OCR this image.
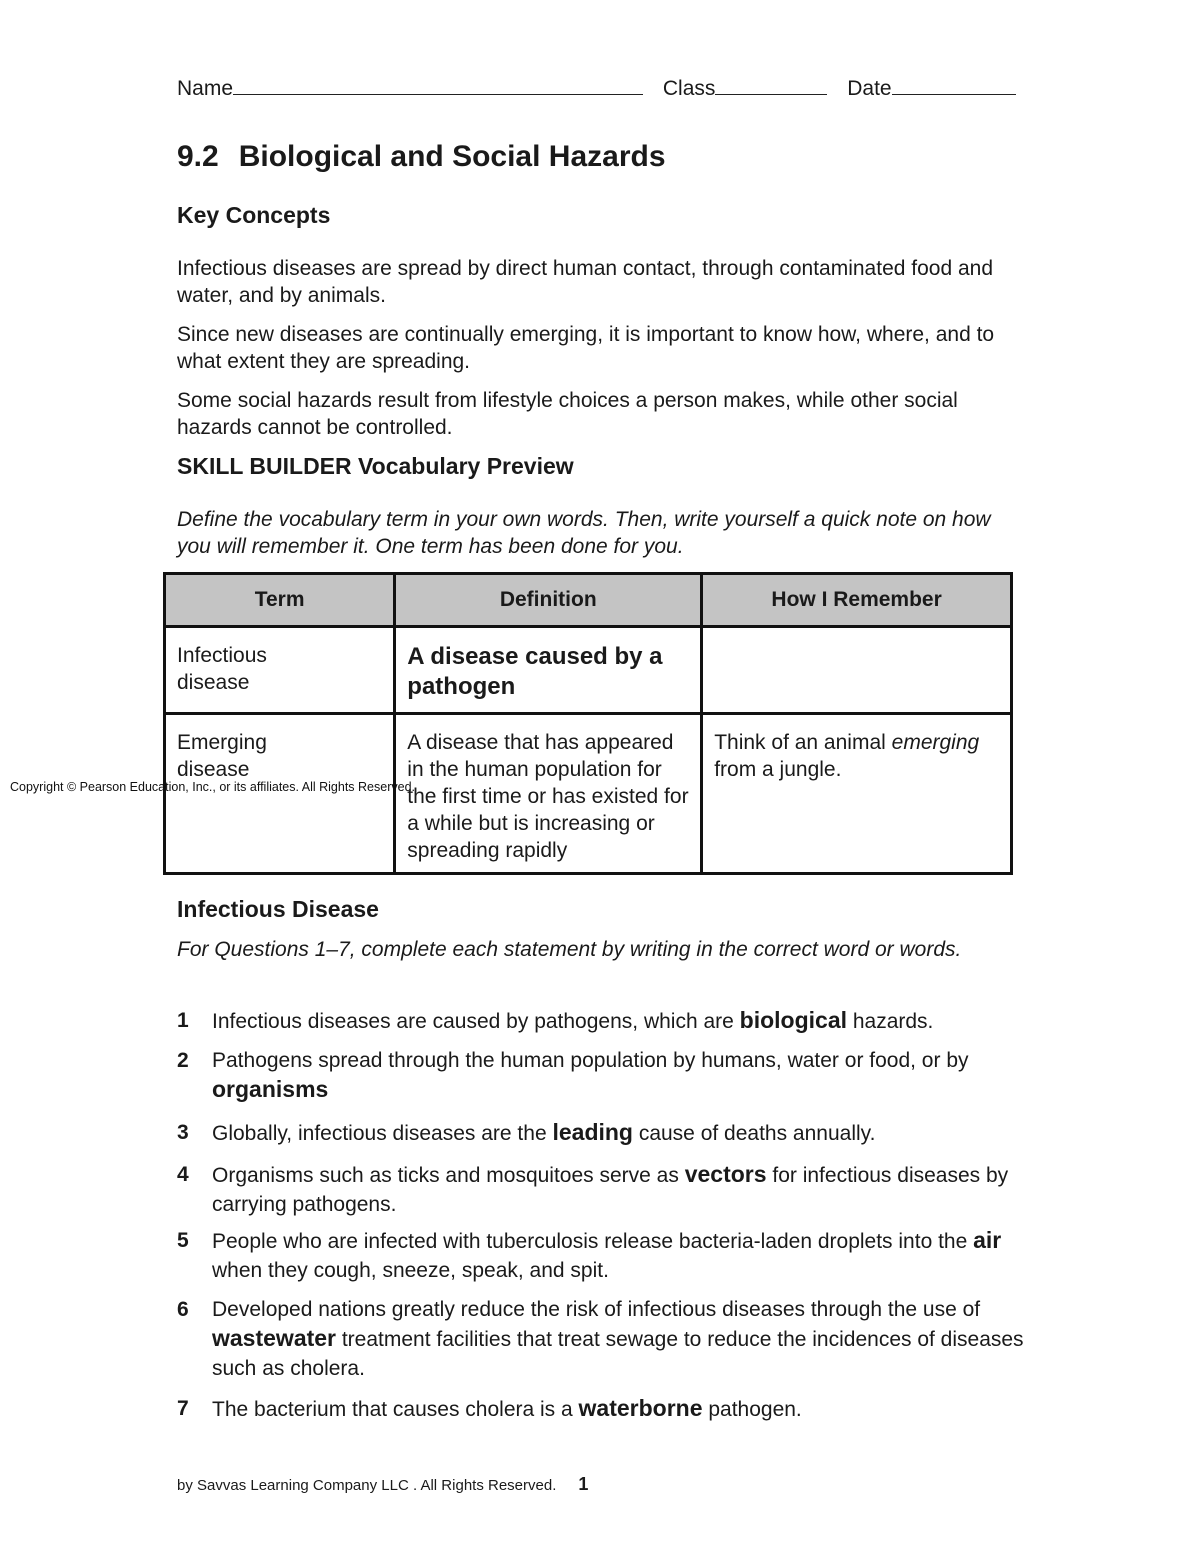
Name	Class	Date
9.2 Biological and Social Hazards
Key Concepts

Infectious diseases are spread by direct human contact, through contaminated food and water, and by animals.

Since new diseases are continually emerging, it is important to know how, where, and to what extent they are spreading.

Some social hazards result from lifestyle choices a person makes, while other social hazards cannot be controlled.

SKILL BUILDER Vocabulary Preview

Define the vocabulary term in your own words. Then, write yourself a quick note on how you will remember it. One term has been done for you.

Term	Definition	How I Remember

Infectious
disease	A disease caused by a pathogen	

Emerging
disease	A disease that has appeared in the human population for the first time or has existed for a while but is increasing or spreading rapidly	Think of an animal emerging from a jungle.
Copyright © Pearson Education, Inc., or its affiliates. All Rights Reserved.
Infectious Disease

For Questions 1–7, complete each statement by writing in the correct word or words.

1 Infectious diseases are caused by pathogens, which are biological hazards.
2 Pathogens spread through the human population by humans, water or food, or by organisms
3 Globally, infectious diseases are the leading cause of deaths annually.
4 Organisms such as ticks and mosquitoes serve as vectors for infectious diseases by carrying pathogens.
5 People who are infected with tuberculosis release bacteria-laden droplets into the air when they cough, sneeze, speak, and spit.
6 Developed nations greatly reduce the risk of infectious diseases through the use of wastewater treatment facilities that treat sewage to reduce the incidences of diseases such as cholera.
7 The bacterium that causes cholera is a waterborne pathogen.
by Savvas Learning Company LLC . All Rights Reserved. 1
